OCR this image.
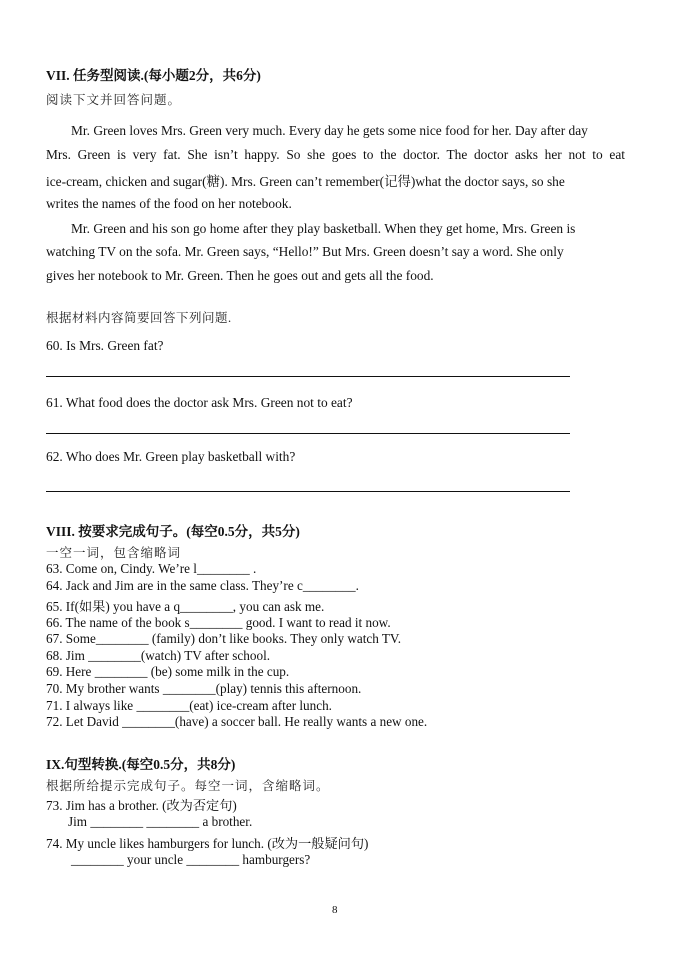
VII. 任务型阅读.(每小题2分，共6分)
阅读下文并回答问题。
Mr. Green loves Mrs. Green very much. Every day he gets some nice food for her. Day after day
Mrs. Green is very fat. She isn’t happy. So she goes to the doctor. The doctor asks her not to eat
ice-cream, chicken and sugar(糖). Mrs. Green can’t remember(记得)what the doctor says, so she
writes the names of the food on her notebook.
Mr. Green and his son go home after they play basketball. When they get home, Mrs. Green is
watching TV on the sofa. Mr. Green says, “Hello!” But Mrs. Green doesn’t say a word. She only
gives her notebook to Mr. Green. Then he goes out and gets all the food.
根据材料内容简要回答下列问题.
60. Is Mrs. Green fat?
61. What food does the doctor ask Mrs. Green not to eat?
62. Who does Mr. Green play basketball with?
VIII. 按要求完成句子。(每空0.5分，共5分)
一空一词，包含缩略词
63. Come on, Cindy. We’re l________ .
64. Jack and Jim are in the same class. They’re c________.
65. If(如果) you have a q________, you can ask me.
66. The name of the book s________ good. I want to read it now.
67. Some________ (family) don’t like books. They only watch TV.
68. Jim ________(watch) TV after school.
69. Here ________ (be) some milk in the cup.
70. My brother wants ________(play) tennis this afternoon.
71. I always like ________(eat) ice-cream after lunch.
72. Let David ________(have) a soccer ball. He really wants a new one.
IX.句型转换.(每空0.5分，共8分)
根据所给提示完成句子。每空一词，含缩略词。
73. Jim has a brother. (改为否定句)
Jim ________ ________ a brother.
74. My uncle likes hamburgers for lunch. (改为一般疑问句)
________ your uncle ________ hamburgers?
8
